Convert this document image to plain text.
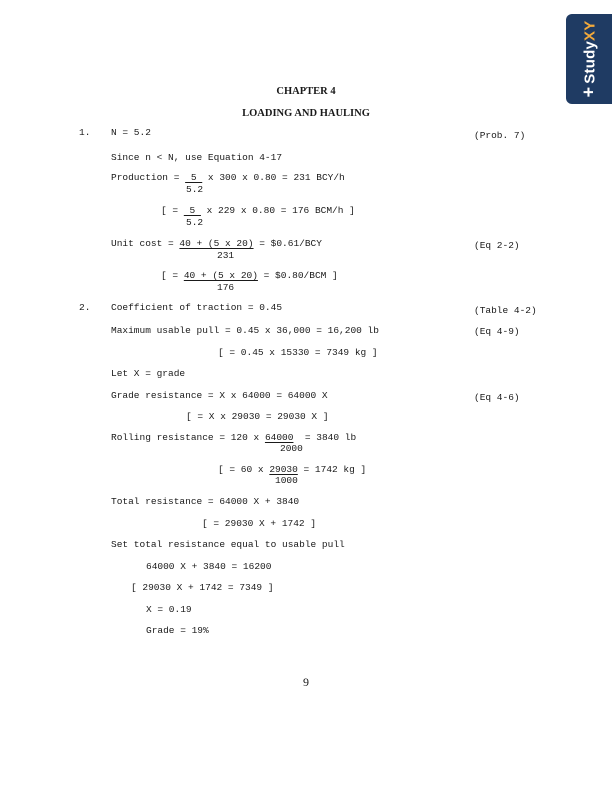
+StudyXY
CHAPTER 4
LOADING AND HAULING
1. N = 5.2	(Prob. 7)
Since n < N, use Equation 4-17
Production =  5  x 300 x 0.80 = 231 BCY/h
5.2
[ =  5  x 229 x 0.80 = 176 BCM/h ]
5.2
Unit cost = 40 + (5 x 20) = $0.61/BCY	(Eq 2-2)
231
[ = 40 + (5 x 20) = $0.80/BCM ]
176
2. Coefficient of traction = 0.45	(Table 4-2)
Maximum usable pull = 0.45 x 36,000 = 16,200 lb	(Eq 4-9)
[ = 0.45 x 15330 = 7349 kg ]
Let X = grade
Grade resistance = X x 64000 = 64000 X	(Eq 4-6)
[ = X x 29030 = 29030 X ]
Rolling resistance = 120 x 64000  = 3840 lb
2000
[ = 60 x 29030 = 1742 kg ]
1000
Total resistance = 64000 X + 3840
[ = 29030 X + 1742 ]
Set total resistance equal to usable pull
64000 X + 3840 = 16200
[ 29030 X + 1742 = 7349 ]
X = 0.19
Grade = 19%
9
